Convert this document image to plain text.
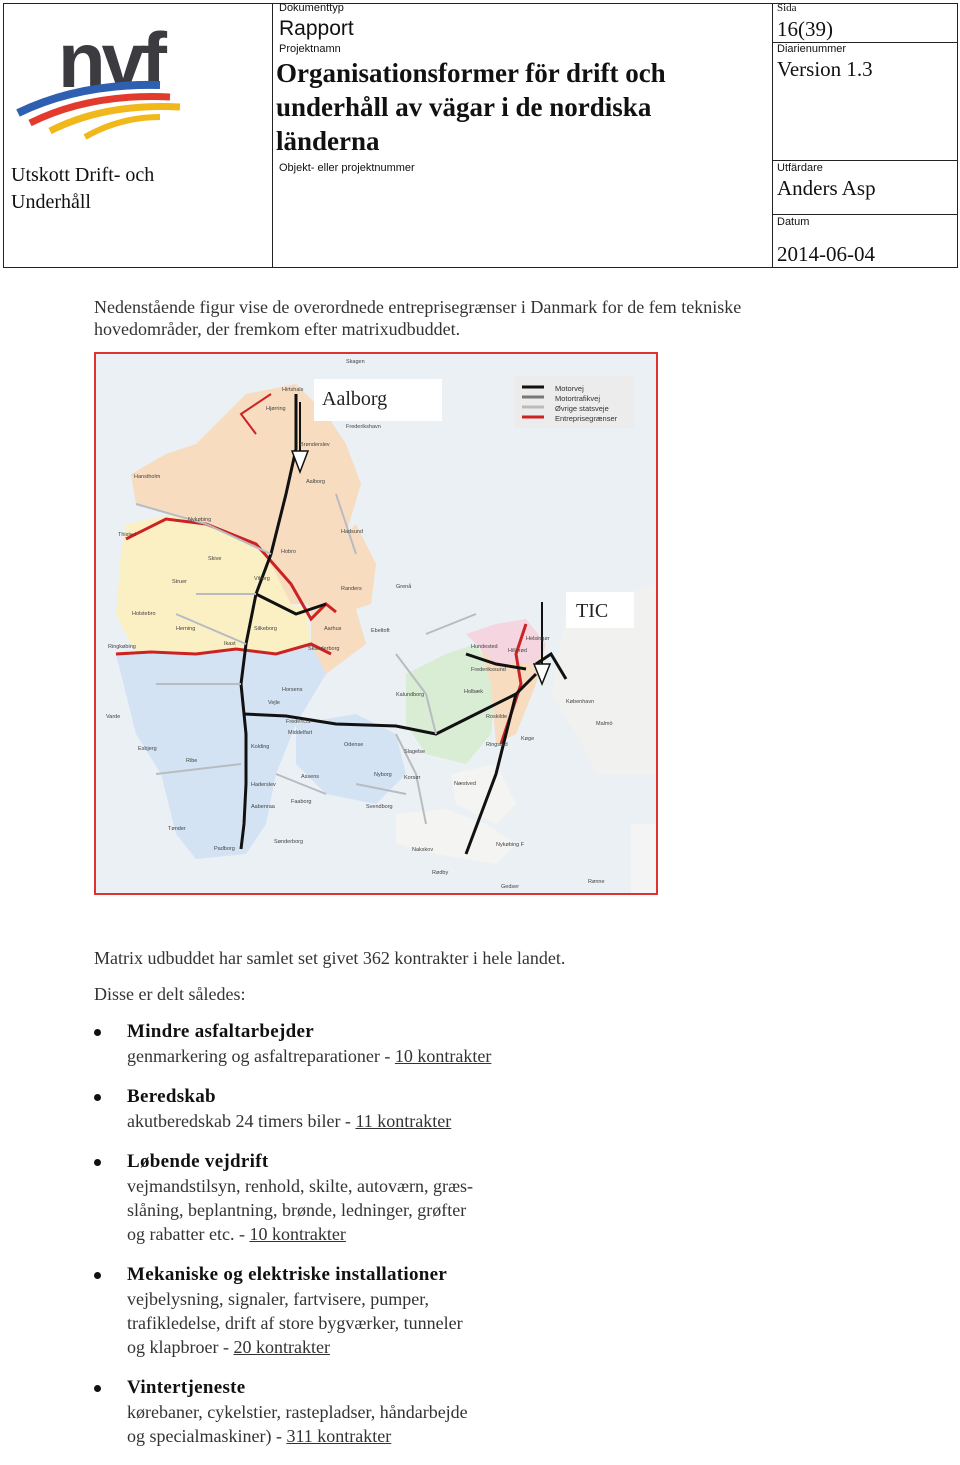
nvf
Utskott Drift- och
Underhåll
Dokumenttyp
Rapport
Projektnamn
Organisationsformer för drift och underhåll av vägar i de nordiska länderna
Objekt- eller projektnummer
Sida
16(39)
Diarienummer
Version 1.3
Utfärdare
Anders Asp
Datum
2014-06-04
Nedenstående figur vise de overordnede entreprisegrænser i Danmark for de fem tekniske
hovedområder, der fremkom efter matrixudbuddet.
Aalborg
TIC
Motorvej
Motortrafikvej
Øvrige statsveje
Entreprisegrænser
Skagen
Hirtshals
Frederikshavn
Hjørring
Brønderslev
Hanstholm
Aalborg
Nykøbing
Thisted	Hadsund
Hobro
Skive
Struer	Viborg
Randers	Grenå
Holstebro
Herning	Silkeborg	Aarhus	Ebeltoft
Ringkøbing	Ikast
Skanderborg
Horsens
Vejle
Varde
Fredericia
Esbjerg
Middelfart
Kolding
Ribe
Odense
Haderslev
Aabenraa
Assens
Faaborg
Nyborg
Svendborg
Tønder
Sønderborg
Padborg
Kalundborg	Holbæk
Slagelse
Korsør
Roskilde
Ringsted
Køge
Næstved
Nakskov
Rødby
Nykøbing F
Gedser
Helsingør
Hillerød
Hundested
Frederikssund
København
Malmö
Rønne
Matrix udbuddet har samlet set givet 362 kontrakter i hele landet.
Disse er delt således:
Mindre asfaltarbejder
genmarkering og asfaltreparationer - 10 kontrakter
Beredskab
akutberedskab 24 timers biler - 11 kontrakter
Løbende vejdrift
vejmandstilsyn, renhold, skilte, autoværn, græs-
slåning, beplantning, brønde, ledninger, grøfter
og rabatter etc. - 10 kontrakter
Mekaniske og elektriske installationer
vejbelysning, signaler, fartvisere, pumper,
trafikledelse, drift af store bygværker, tunneler
og klapbroer - 20 kontrakter
Vintertjeneste
kørebaner, cykelstier, rastepladser, håndarbejde
og specialmaskiner) - 311 kontrakter
